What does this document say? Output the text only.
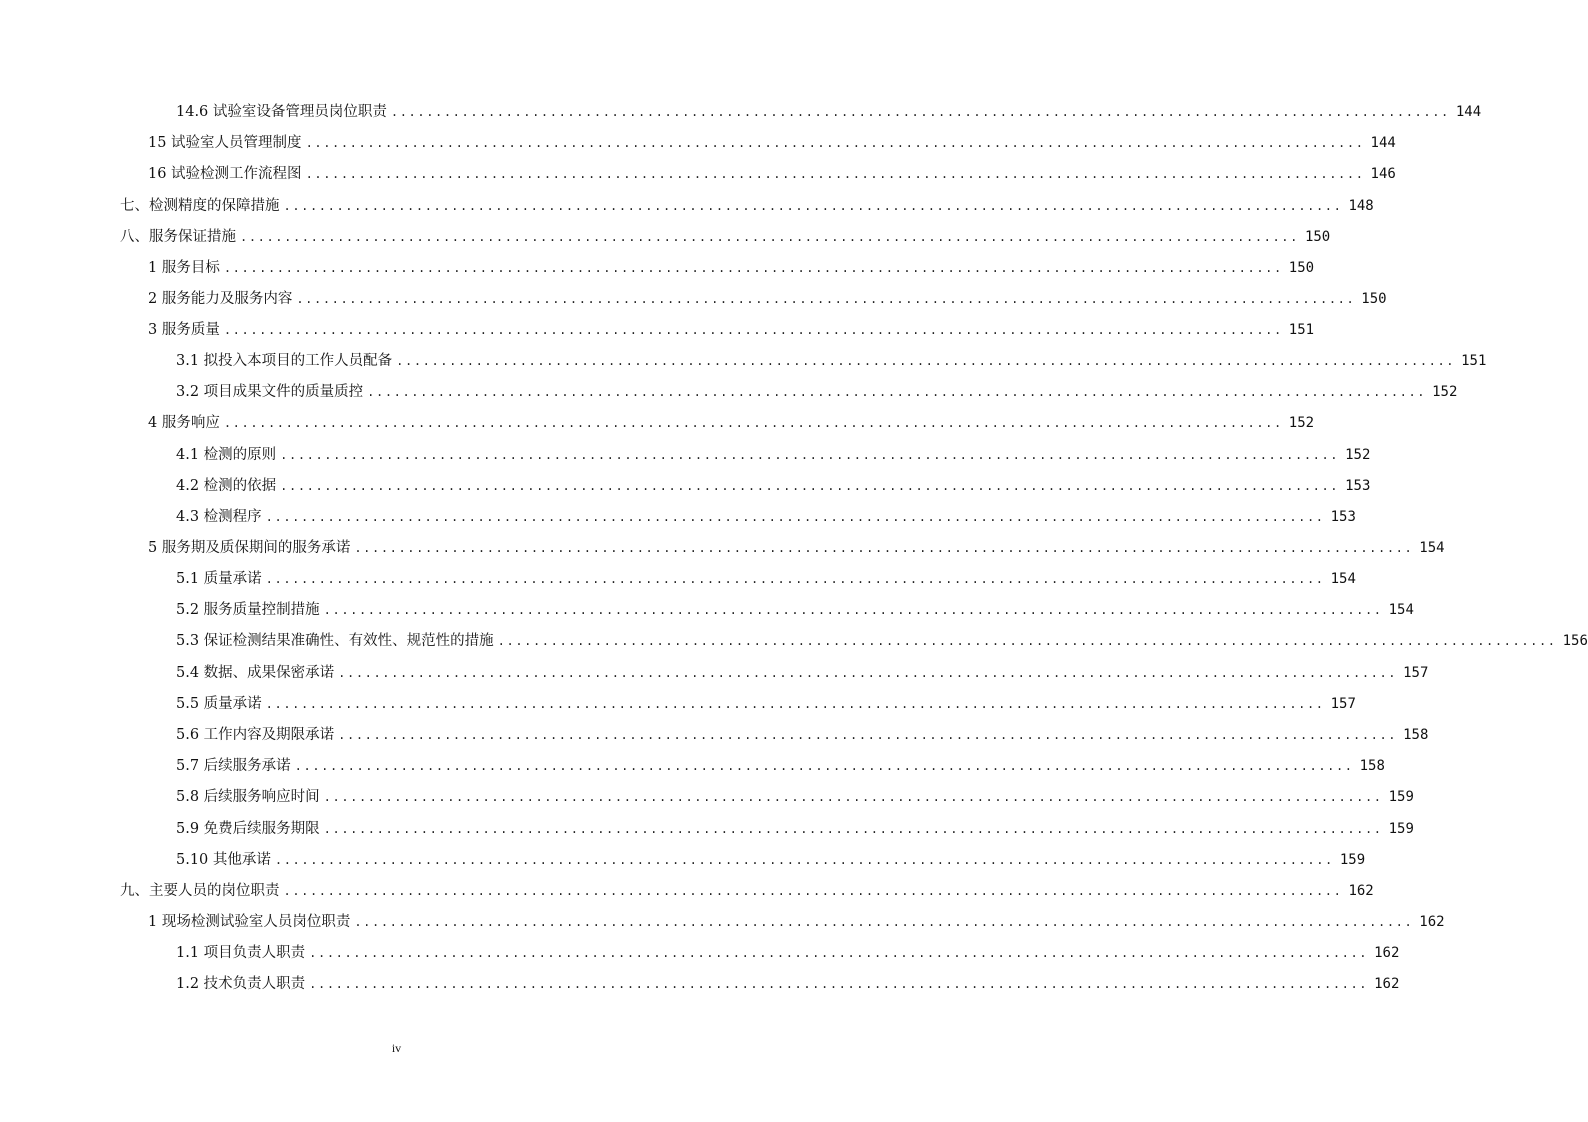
14.6 试验室设备管理员岗位职责 ........................................................................................................................ 144
15 试验室人员管理制度 ........................................................................................................................ 144
16 试验检测工作流程图 ........................................................................................................................ 146
七、检测精度的保障措施 ........................................................................................................................ 148
八、服务保证措施 ........................................................................................................................ 150
1 服务目标 ........................................................................................................................ 150
2 服务能力及服务内容 ........................................................................................................................ 150
3 服务质量 ........................................................................................................................ 151
3.1 拟投入本项目的工作人员配备 ........................................................................................................................ 151
3.2 项目成果文件的质量质控 ........................................................................................................................ 152
4 服务响应 ........................................................................................................................ 152
4.1 检测的原则 ........................................................................................................................ 152
4.2 检测的依据 ........................................................................................................................ 153
4.3 检测程序 ........................................................................................................................ 153
5 服务期及质保期间的服务承诺 ........................................................................................................................ 154
5.1 质量承诺 ........................................................................................................................ 154
5.2 服务质量控制措施 ........................................................................................................................ 154
5.3 保证检测结果准确性、有效性、规范性的措施 ........................................................................................................................ 156
5.4 数据、成果保密承诺 ........................................................................................................................ 157
5.5 质量承诺 ........................................................................................................................ 157
5.6 工作内容及期限承诺 ........................................................................................................................ 158
5.7 后续服务承诺 ........................................................................................................................ 158
5.8 后续服务响应时间 ........................................................................................................................ 159
5.9 免费后续服务期限 ........................................................................................................................ 159
5.10 其他承诺 ........................................................................................................................ 159
九、主要人员的岗位职责 ........................................................................................................................ 162
1 现场检测试验室人员岗位职责 ........................................................................................................................ 162
1.1 项目负责人职责 ........................................................................................................................ 162
1.2 技术负责人职责 ........................................................................................................................ 162
iv
